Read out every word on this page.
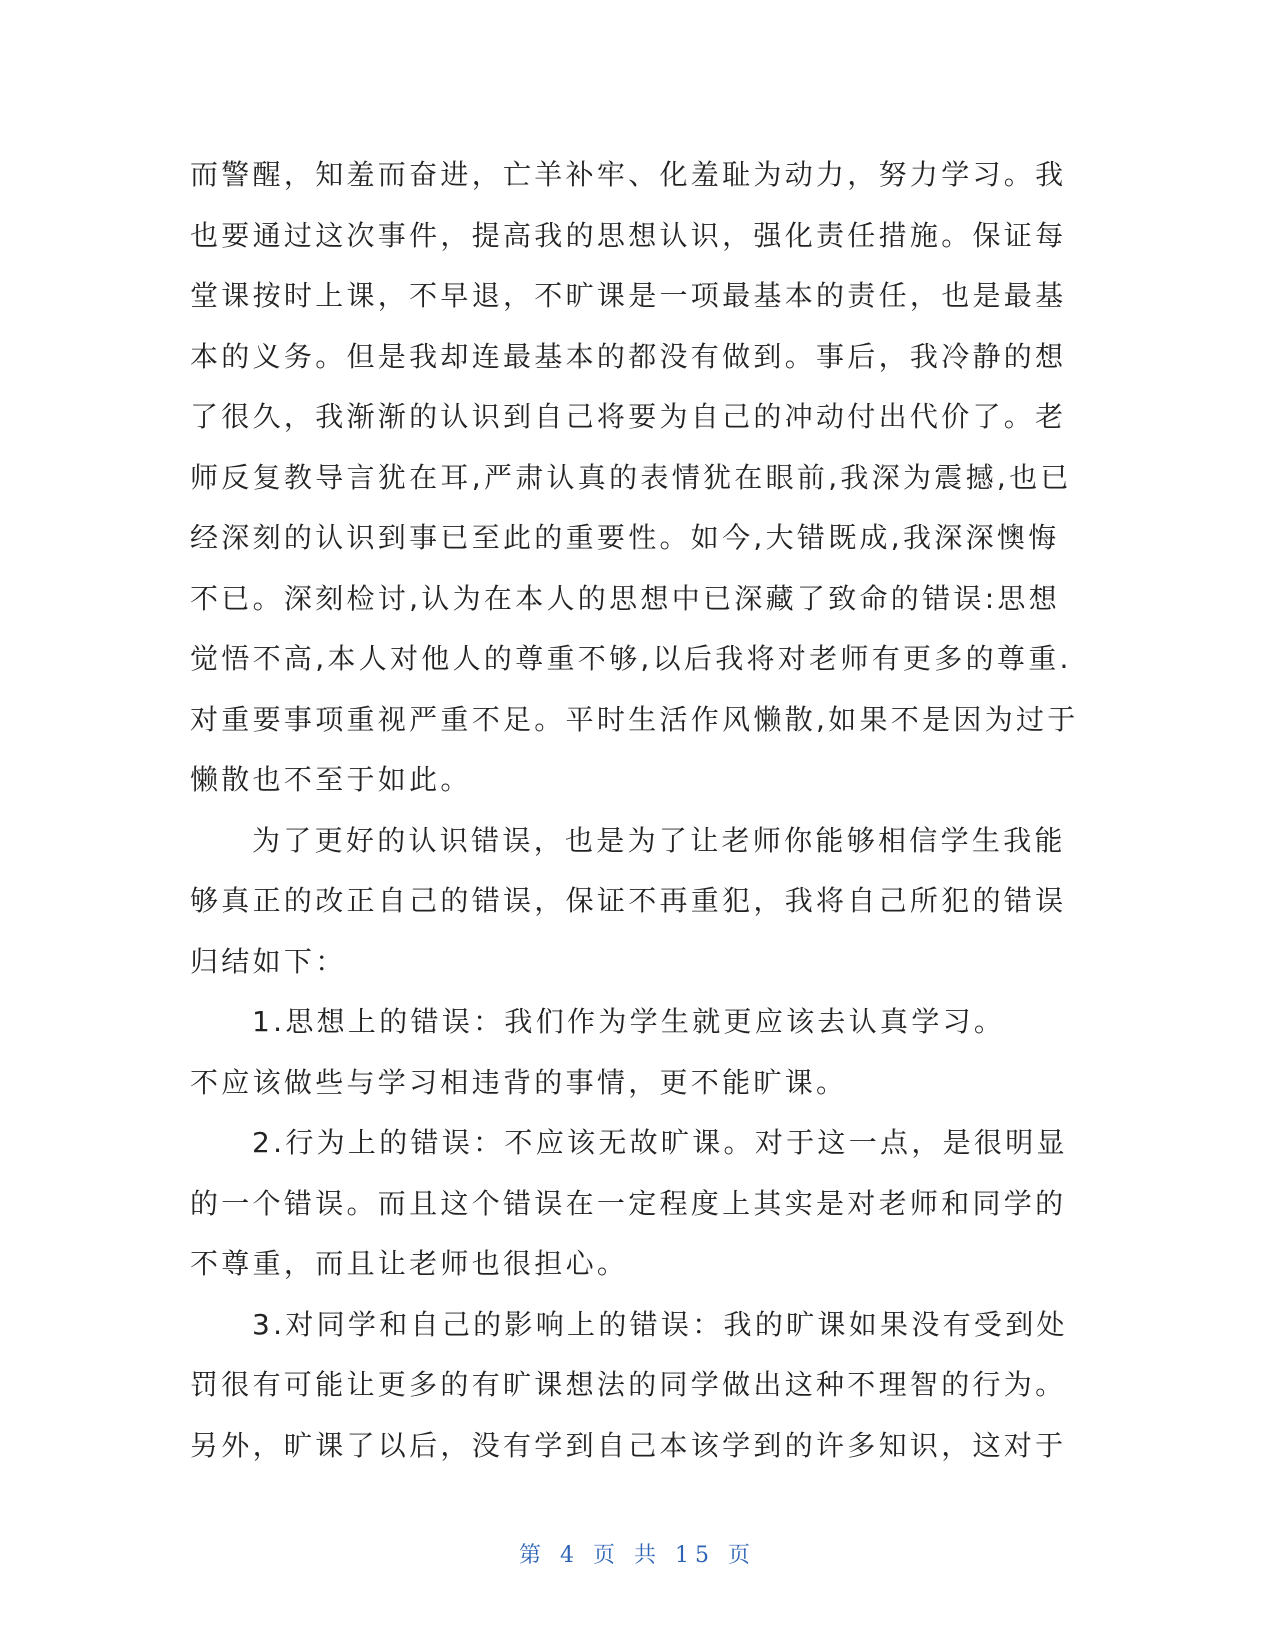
而警醒，知羞而奋进，亡羊补牢、化羞耻为动力，努力学习。我
也要通过这次事件，提高我的思想认识，强化责任措施。保证每
堂课按时上课，不早退，不旷课是一项最基本的责任，也是最基
本的义务。但是我却连最基本的都没有做到。事后，我冷静的想
了很久，我渐渐的认识到自己将要为自己的冲动付出代价了。老
师反复教导言犹在耳,严肃认真的表情犹在眼前,我深为震撼,也已
经深刻的认识到事已至此的重要性。如今,大错既成,我深深懊悔
不已。深刻检讨,认为在本人的思想中已深藏了致命的错误:思想
觉悟不高,本人对他人的尊重不够,以后我将对老师有更多的尊重.
对重要事项重视严重不足。平时生活作风懒散,如果不是因为过于
懒散也不至于如此。

为了更好的认识错误，也是为了让老师你能够相信学生我能
够真正的改正自己的错误，保证不再重犯，我将自己所犯的错误
归结如下：

1.思想上的错误：我们作为学生就更应该去认真学习。
不应该做些与学习相违背的事情，更不能旷课。

2.行为上的错误：不应该无故旷课。对于这一点，是很明显
的一个错误。而且这个错误在一定程度上其实是对老师和同学的
不尊重，而且让老师也很担心。

3.对同学和自己的影响上的错误：我的旷课如果没有受到处
罚很有可能让更多的有旷课想法的同学做出这种不理智的行为。
另外，旷课了以后，没有学到自己本该学到的许多知识，这对于

第 4 页 共 15 页
